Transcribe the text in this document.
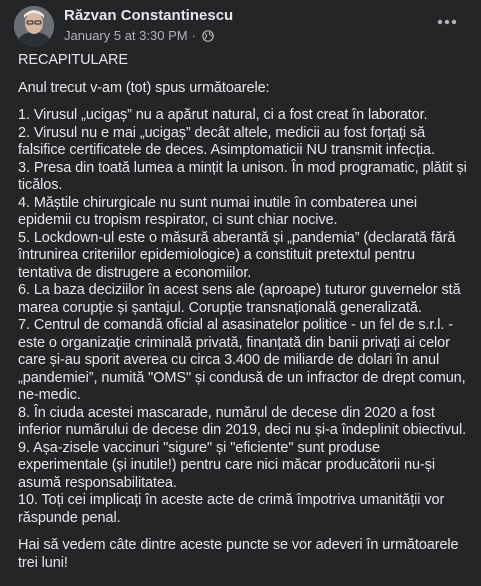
Răzvan Constantinescu
January 5 at 3:30 PM ·

RECAPITULARE

Anul trecut v-am (tot) spus următoarele:

1. Virusul „ucigaș” nu a apărut natural, ci a fost creat în laborator.
2. Virusul nu e mai „ucigaș” decât altele, medicii au fost forțați să falsifice certificatele de deces. Asimptomaticii NU transmit infecția.
3. Presa din toată lumea a mințit la unison. În mod programatic, plătit și ticălos.
4. Măștile chirurgicale nu sunt numai inutile în combaterea unei epidemii cu tropism respirator, ci sunt chiar nocive.
5. Lockdown-ul este o măsură aberantă și „pandemia” (declarată fără întrunirea criteriilor epidemiologice) a constituit pretextul pentru tentativa de distrugere a economiilor.
6. La baza deciziilor în acest sens ale (aproape) tuturor guvernelor stă marea corupție și șantajul. Corupție transnațională generalizată.
7. Centrul de comandă oficial al asasinatelor politice - un fel de s.r.l. - este o organizație criminală privată, finanțată din banii privați ai celor care și-au sporit averea cu circa 3.400 de miliarde de dolari în anul „pandemiei”, numită "OMS" și condusă de un infractor de drept comun, ne-medic.
8. În ciuda acestei mascarade, numărul de decese din 2020 a fost inferior numărului de decese din 2019, deci nu și-a îndeplinit obiectivul.
9. Așa-zisele vaccinuri "sigure" și "eficiente" sunt produse experimentale (și inutile!) pentru care nici măcar producătorii nu-și asumă responsabilitatea.
10. Toți cei implicați în aceste acte de crimă împotriva umanității vor răspunde penal.

Hai să vedem câte dintre aceste puncte se vor adeveri în următoarele trei luni!
